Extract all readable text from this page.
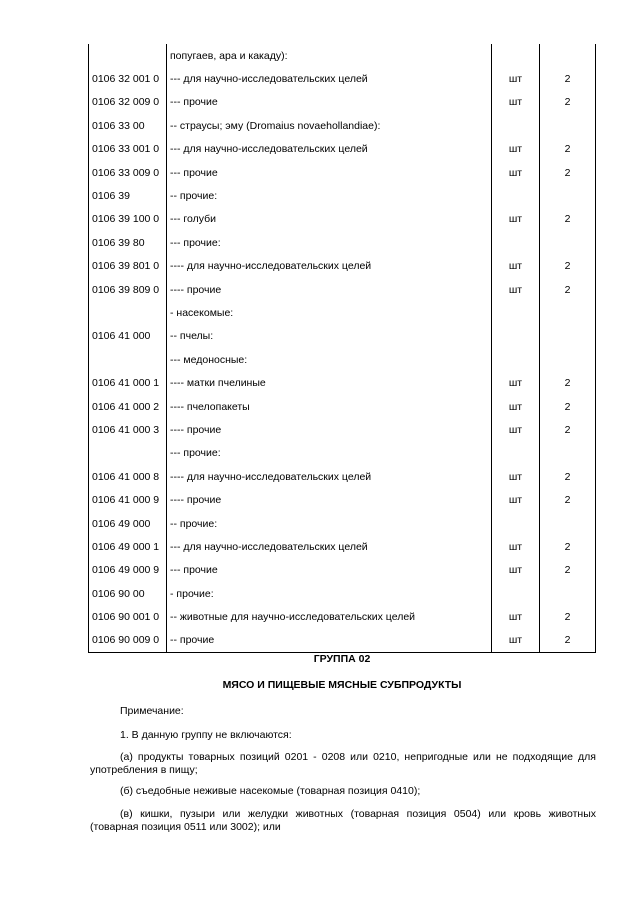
	попугаев, ара и какаду):		
0106 32 001 0	--- для научно-исследовательских целей	шт	2
0106 32 009 0	--- прочие	шт	2
0106 33 00	-- страусы; эму (Dromaius novaehollandiae):		
0106 33 001 0	--- для научно-исследовательских целей	шт	2
0106 33 009 0	--- прочие	шт	2
0106 39	-- прочие:		
0106 39 100 0	--- голуби	шт	2
0106 39 80	--- прочие:		
0106 39 801 0	---- для научно-исследовательских целей	шт	2
0106 39 809 0	---- прочие	шт	2
	- насекомые:		
0106 41 000	-- пчелы:		
	--- медоносные:		
0106 41 000 1	---- матки пчелиные	шт	2
0106 41 000 2	---- пчелопакеты	шт	2
0106 41 000 3	---- прочие	шт	2
	--- прочие:		
0106 41 000 8	---- для научно-исследовательских целей	шт	2
0106 41 000 9	---- прочие	шт	2
0106 49 000	-- прочие:		
0106 49 000 1	--- для научно-исследовательских целей	шт	2
0106 49 000 9	--- прочие	шт	2
0106 90 00	- прочие:		
0106 90 001 0	-- животные для научно-исследовательских целей	шт	2
0106 90 009 0	-- прочие	шт	2
ГРУППА 02
МЯСО И ПИЩЕВЫЕ МЯСНЫЕ СУБПРОДУКТЫ
Примечание:
1. В данную группу не включаются:
(а) продукты товарных позиций 0201 - 0208 или 0210, непригодные или не подходящие для употребления в пищу;
(б) съедобные неживые насекомые (товарная позиция 0410);
(в) кишки, пузыри или желудки животных (товарная позиция 0504) или кровь животных (товарная позиция 0511 или 3002); или
